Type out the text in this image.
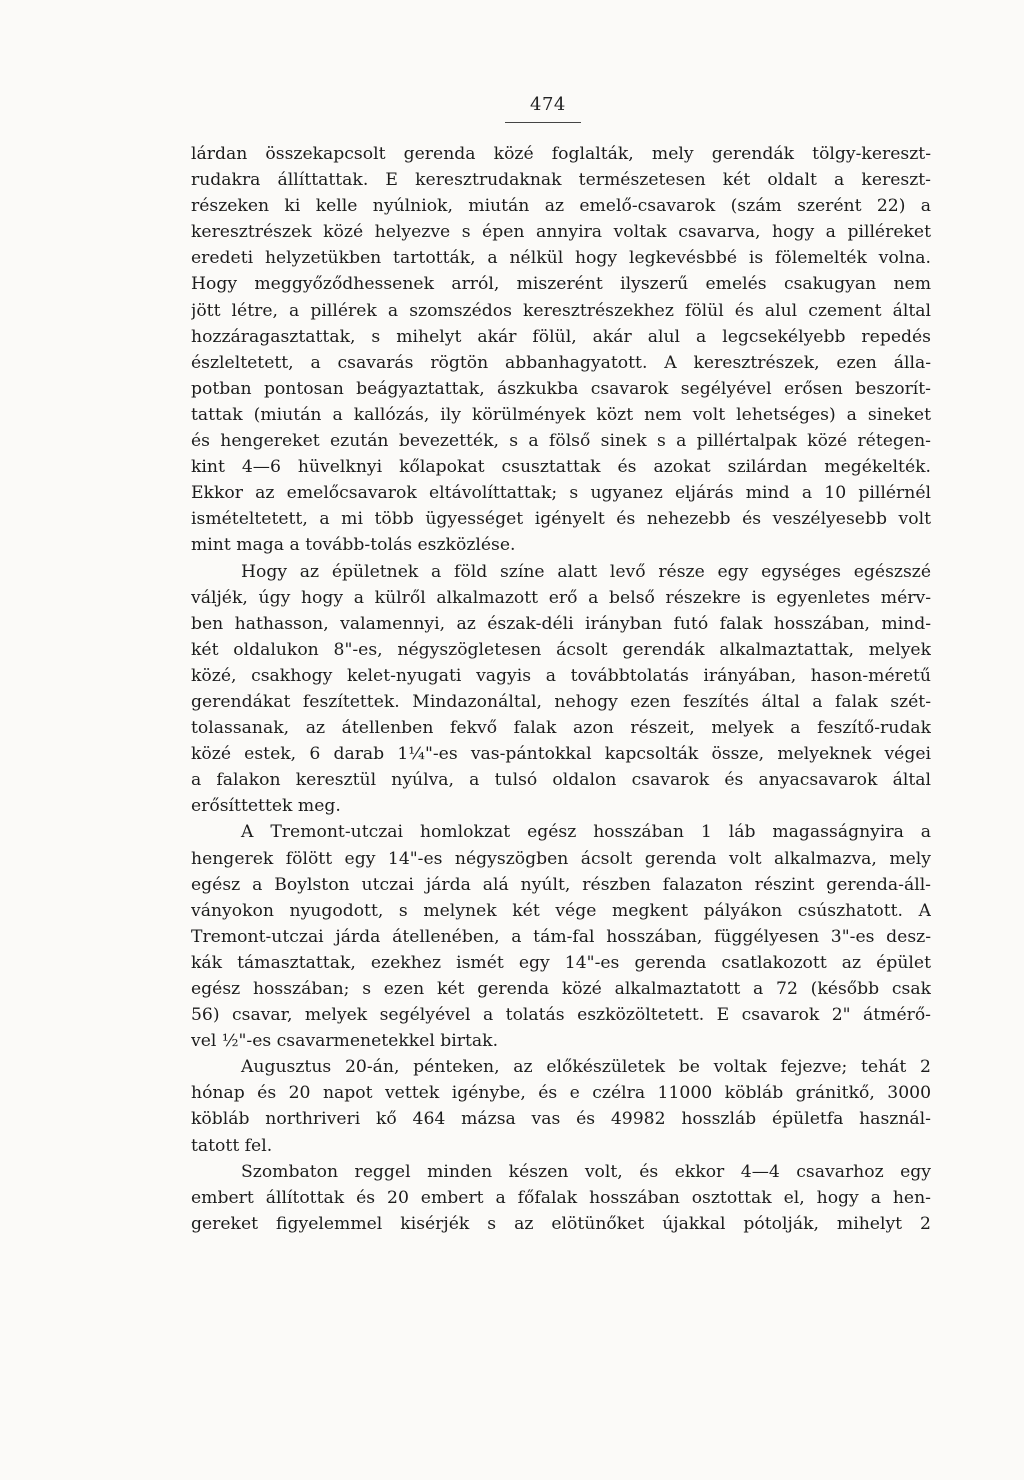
474
lárdan összekapcsolt gerenda közé foglalták, mely gerendák tölgy-kereszt-
rudakra állíttattak. E keresztrudaknak természetesen két oldalt a kereszt-
részeken ki kelle nyúlniok, miután az emelő-csavarok (szám szerént 22) a
keresztrészek közé helyezve s épen annyira voltak csavarva, hogy a pilléreket
eredeti helyzetükben tartották, a nélkül hogy legkevésbbé is fölemelték volna.
Hogy meggyőződhessenek arról, miszerént ilyszerű emelés csakugyan nem
jött létre, a pillérek a szomszédos keresztrészekhez fölül és alul czement által
hozzáragasztattak, s mihelyt akár fölül, akár alul a legcsekélyebb repedés
észleltetett, a csavarás rögtön abbanhagyatott. A keresztrészek, ezen álla-
potban pontosan beágyaztattak, ászkukba csavarok segélyével erősen beszorít-
tattak (miután a kallózás, ily körülmények közt nem volt lehetséges) a sineket
és hengereket ezután bevezették, s a fölső sinek s a pillértalpak közé rétegen-
kint 4—6 hüvelknyi kőlapokat csusztattak és azokat szilárdan megékelték.
Ekkor az emelőcsavarok eltávolíttattak; s ugyanez eljárás mind a 10 pillérnél
ismételtetett, a mi több ügyességet igényelt és nehezebb és veszélyesebb volt
mint maga a tovább-tolás eszközlése.
Hogy az épületnek a föld színe alatt levő része egy egységes egészszé
váljék, úgy hogy a külről alkalmazott erő a belső részekre is egyenletes mérv-
ben hathasson, valamennyi, az észak-déli irányban futó falak hosszában, mind-
két oldalukon 8"-es, négyszögletesen ácsolt gerendák alkalmaztattak, melyek
közé, csakhogy kelet-nyugati vagyis a továbbtolatás irányában, hason-méretű
gerendákat feszítettek. Mindazonáltal, nehogy ezen feszítés által a falak szét-
tolassanak, az átellenben fekvő falak azon részeit, melyek a feszítő-rudak
közé estek, 6 darab 1¼"-es vas-pántokkal kapcsolták össze, melyeknek végei
a falakon keresztül nyúlva, a tulsó oldalon csavarok és anyacsavarok által
erősíttettek meg.
A Tremont-utczai homlokzat egész hosszában 1 láb magasságnyira a
hengerek fölött egy 14"-es négyszögben ácsolt gerenda volt alkalmazva, mely
egész a Boylston utczai járda alá nyúlt, részben falazaton részint gerenda-áll-
ványokon nyugodott, s melynek két vége megkent pályákon csúszhatott. A
Tremont-utczai járda átellenében, a tám-fal hosszában, függélyesen 3"-es desz-
kák támasztattak, ezekhez ismét egy 14"-es gerenda csatlakozott az épület
egész hosszában; s ezen két gerenda közé alkalmaztatott a 72 (később csak
56) csavar, melyek segélyével a tolatás eszközöltetett. E csavarok 2" átmérő-
vel ½"-es csavarmenetekkel birtak.
Augusztus 20-án, pénteken, az előkészületek be voltak fejezve; tehát 2
hónap és 20 napot vettek igénybe, és e czélra 11000 köbláb gránitkő, 3000
köbláb northriveri kő 464 mázsa vas és 49982 hosszláb épületfa használ-
tatott fel.
Szombaton reggel minden készen volt, és ekkor 4—4 csavarhoz egy
embert állítottak és 20 embert a főfalak hosszában osztottak el, hogy a hen-
gereket figyelemmel kisérjék s az elötünőket újakkal pótolják, mihelyt 2
